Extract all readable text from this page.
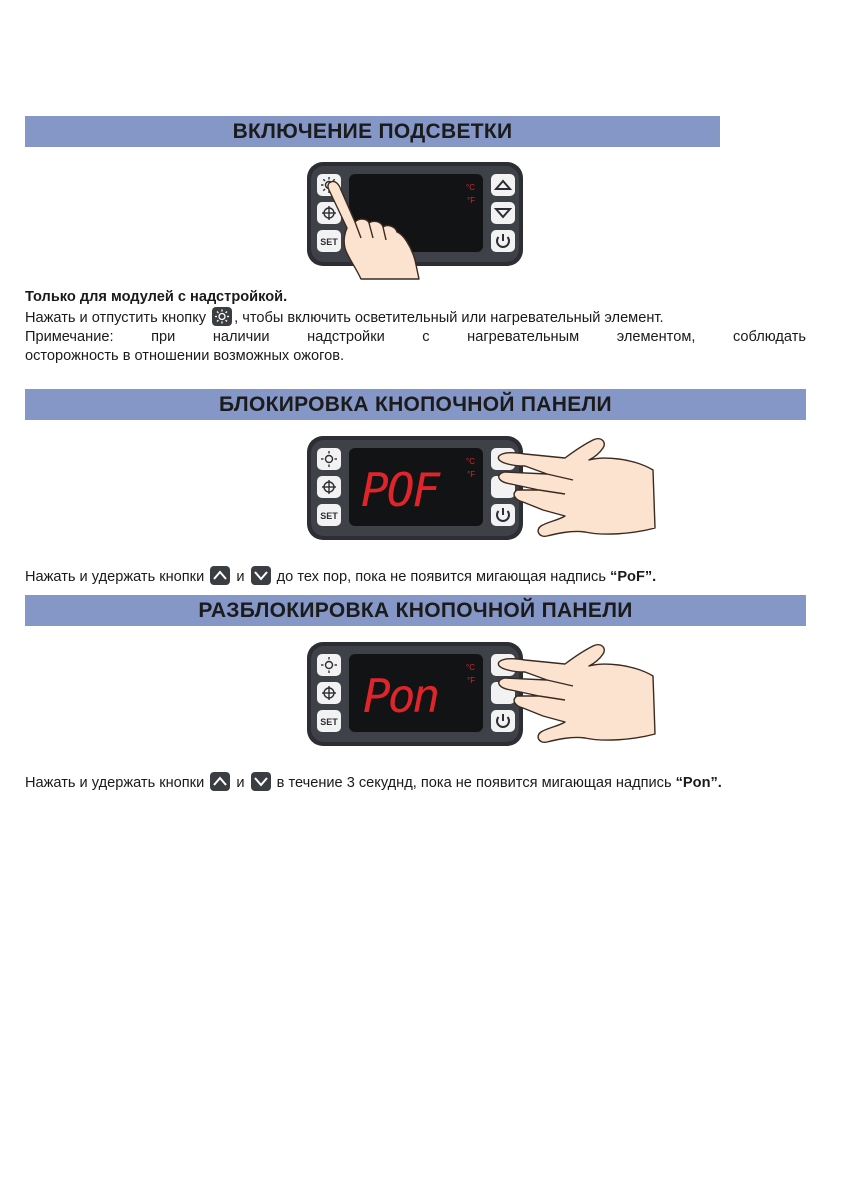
ВКЛЮЧЕНИЕ ПОДСВЕТКИ
SET
°C
°F
Только для модулей с надстройкой.
Нажать и отпустить кнопку , чтобы включить осветительный или нагревательный элемент.
Примечание: при наличии надстройки с нагревательным элементом, соблюдать
осторожность в отношении возможных ожогов.
БЛОКИРОВКА КНОПОЧНОЙ ПАНЕЛИ
SET POF
°C
°F
Нажать и удержать кнопки и до тех пор, пока не появится мигающая надпись “PoF”.
РАЗБЛОКИРОВКА КНОПОЧНОЙ ПАНЕЛИ
SET Pon
°C
°F
Нажать и удержать кнопки и в течение 3 секуднд, пока не появится мигающая надпись “Pon”.
